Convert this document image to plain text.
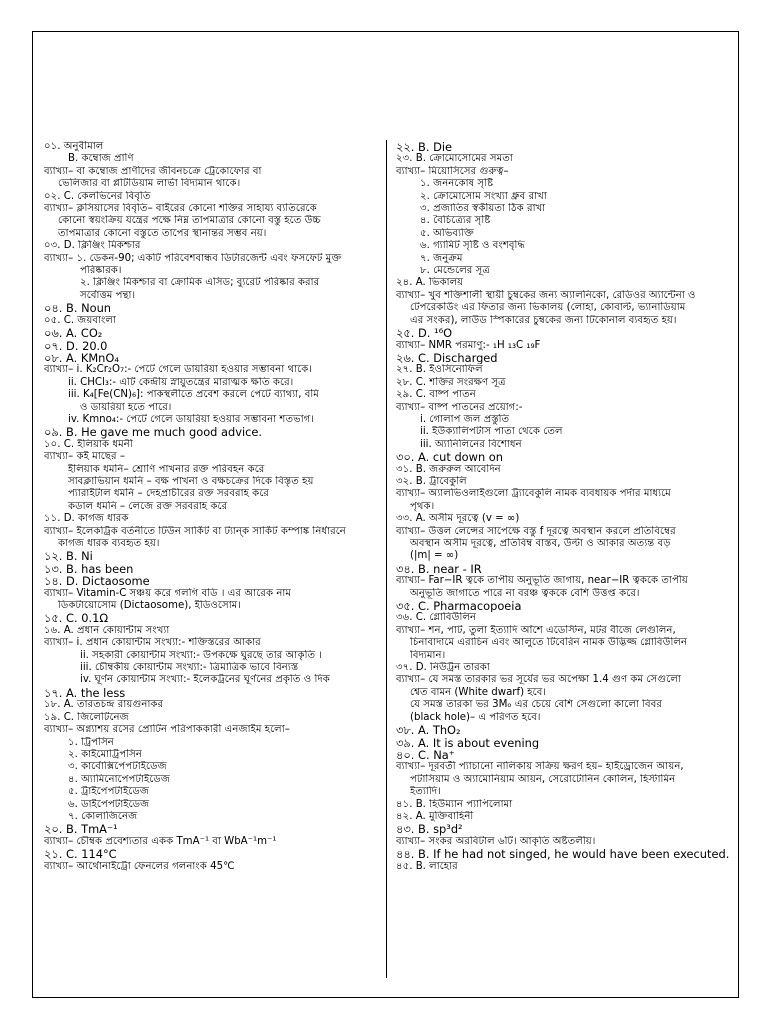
০১. অনুবীমাল
B. কম্বোজ প্রাণি
ব্যাখ্যা– বা কম্বোজ প্রাণীদের জীবনচক্রে ট্রেকোফোর বা
ভেলিজার বা প্লটিডিয়াম লার্ভা বিদ্যমান থাকে।
০২. C. কেলভিনের বিবৃতি
ব্যাখ্যা– ক্লসিয়াসের বিবৃতি– বাইরের কোনো শক্তির সাহায্য ব্যতিরেকে
কোনো স্বয়ংক্রিয় যন্ত্রের পক্ষে নিম্ন তাপমাত্রার কোনো বস্তু হতে উচ্চ
তাপমাত্রার কোনো বস্তুতে তাপের স্থানান্তর সম্ভব নয়।
০৩. D. ক্লিঞ্জিং মিকশ্চার
ব্যাখ্যা– ১. ডেকন-90; একটি পরিবেশবান্ধব ডিটারজেন্ট এবং ফসফেট মুক্ত
পরিষ্কারক।
২. ক্লিঞ্জিং মিকশ্চার বা ক্রোমিক এসিড; ব্যুরেট পরিষ্কার করার
সর্বোত্তম পন্থা।
০৪. B. Noun
০৫. C. জয়বাংলা
০৬. A. CO₂
০৭. D. 20.0
০৮. A. KMnO₄
ব্যাখ্যা– i. K₂Cr₂O₇:- পেটে গেলে ডায়রিয়া হওয়ার সম্ভাবনা থাকে।
ii. CHCl₃:- এটি কেন্দ্রীয় স্নায়ুতন্ত্রের মারাত্মক ক্ষতি করে।
iii. K₄[Fe(CN)₆]: পাকস্থলীতে প্রবেশ করলে পেটে ব্যাথ্যা, বমি
ও ডায়রিয়া হতে পারে।
iv. Kmno₄:- পেটে গেলে ডায়রিয়া হওয়ার সম্ভাবনা শতভাগ।
০৯. B. He gave me much good advice.
১০. C. ইলিয়াক ধমনী
ব্যাখ্যা– কই মাছের –
ইলিয়াক ধমনি– শ্রোণি পাখনার রক্ত পরিবহন করে
সাবক্লাভিয়ান ধমনি – বক্ষ পাখনা ও বক্ষচক্রের দিকে বিস্তৃত হয়
প্যারাইটাল ধমনি – দেহপ্রাচীরের রক্ত সরবরাহ করে
কডাল ধমনি – লেজে রক্ত সরবরাহ করে
১১. D. কাগজ ধারক
ব্যাখ্যা– ইলেকট্রিক বর্তনীতে টিউন সার্কিট বা ট্যান্ক সার্কিট কম্পাঙ্ক নির্ধারনে
কাগজ ধারক ব্যবহৃত হয়।
১২. B. Ni
১৩. B. has been
১৪. D. Dictaosome
ব্যাখ্যা– Vitamin-C সঞ্চয় করে গলগি বডি । এর আরেক নাম
ডিকটায়োসোম (Dictaosome), ইডিওসোম।
১৫. C. 0.1Ω
১৬. A. প্রধান কোয়ান্টাম সংখ্যা
ব্যাখ্যা– i. প্রধান কোয়ান্টাম সংখ্যা:- শক্তিস্তরের আকার
ii. সহকারী কোয়ান্টাম সংখ্যা:- উপকক্ষে ঘুরছে তার আকৃতি ।
iii. চৌম্বকীয় কোয়ান্টাম সংখ্যা:- ত্রিমাত্রিক ভাবে বিন্যস্ত
iv. ঘূর্ণন কোয়ান্টাম সংখ্যা:- ইলেকট্রনের ঘূর্ণনের প্রকৃতি ও দিক
১৭. A. the less
১৮. A. তারতচন্দ্র রায়গুনাকর
১৯. C. জিলেটিনেজ
ব্যাখ্যা– অগ্ন্যাশয় রসের প্রোটিন পরিপাককারী এনজাইম হলো–
১. ট্রিপসিন
২. কাইমোট্রিপসিন
৩. কার্বোক্সিপেপটাইডেজ
৪. অ্যামিনোপেপটাইডেজ
৫. ট্রাইপেপটাইডেজ
৬. ডাইপেপটাইডেজ
৭. কোলাজিনেজ
২০. B. TmA⁻¹
ব্যাখ্যা– চৌম্বক প্রবেশ্যতার একক TmA⁻¹ বা WbA⁻¹m⁻¹
২১. C. 114°C
ব্যাখ্যা– আর্থোনাইট্রো ফেনলের গলনাংক 45℃
২২. B. Die
২৩. B. ক্রোমোসোমের সমতা
ব্যাখ্যা– মিয়োসিসের গুরুত্ব–
১. জননকোষ সৃষ্টি
২. ক্রোমোসোম সংখ্যা ধ্রুব রাখা
৩. প্রজাতির স্বকীয়তা ঠিক রাখা
৪. বৈচিত্র্যের সৃষ্টি
৫. অভিব্যক্তি
৬. গ্যামিট সৃষ্টি ও বংশবৃদ্ধি
৭. জনুক্রম
৮. মেন্ডেলের সূত্র
২৪. A. ভিকালয়
ব্যাখ্যা– খুব শক্তিশালী স্থায়ী চুম্বকের জন্য অ্যালনিকো, রেডিওর অ্যান্টেনা ও
টেপরেকর্ডিং এর ফিতার জন্য ভিকালয় (লোহা, কোবাল্ট, ভ্যানাডিয়াম
এর সংকর), লাউড স্পিকারের চুম্বকের জন্য টিকোনাল ব্যবহৃত হয়।
২৫. D. ¹⁶O
ব্যাখ্যা– NMR পরমাণু:- ₁H ₁₃C ₁₉F
২৬. C. Discharged
২৭. B. ইওসিনোফিল
২৮. C. শক্তির সংরক্ষণ সূত্র
২৯. C. বাষ্প পাতন
ব্যাখ্যা– বাষ্প পাতনের প্রয়োগ:-
i. গোলাপ জল প্রস্তুতি
ii. ইউক্যালিপটাস পাতা থেকে তেল
iii. অ্যানিলিনের বিশোধন
৩০. A. cut down on
৩১. B. জরুরুল আবেদিন
৩২. B. ট্রাবেকুলি
ব্যাখ্যা– অ্যালভিওলাইগুলো ট্র্যাবেকুলি নামক ব্যবধায়ক পর্দার মাধ্যমে
পৃথক।
৩৩. A. অসীম দূরত্বে (v = ∞)
ব্যাখ্যা– উত্তল লেন্সের সাপেক্ষে বস্তু f দূরত্বে অবস্থান করলে প্রতিবিম্বের
অবস্থান অসীম দূরত্বে, প্রতিবিম্ব বাস্তব, উল্টা ও আকার অত্যন্ত বড়
(|m| = ∞)
৩৪. B. near - IR
ব্যাখ্যা– Far−IR ত্বকে তাপীয় অনুভূতি জাগায়, near−IR ত্বককে তাপীয়
অনুভূতি জাগাতে পারে না বরঞ্চ ত্বককে বেশি উত্তপ্ত করে।
৩৫. C. Pharmacopoeia
৩৬. C. গ্লোবিউলিন
ব্যাখ্যা– শন, পাট, তুলা ইত্যাদি আঁশে এডেস্টিন, মটর বীজে লেগুলিন,
চিনাবাদামে এরাচিন এবং আলুতে টিবেরিন নামক উদ্ভিজ্জ গ্লোবিউলিন
বিদ্যমান।
৩৭. D. নিউট্রন তারকা
ব্যাখ্যা– যে সমস্ত তারকার ভর সূর্যের ভর অপেক্ষা 1.4 গুণ কম সেগুলো
শ্বেত বামন (White dwarf) হবে।
যে সমস্ত তারকা ভর 3Mₒ এর চেয়ে বেশি সেগুলো কালো বিবর
(black hole)– এ পরিণত হবে।
৩৮. A. ThO₂
৩৯. A. It is about evening
৪০. C. Na⁺
ব্যাখ্যা– দূরবর্তী প্যাচানো নালিকায় সক্রিয় ক্ষরণ হয়– হাইড্রোজেন আয়ন,
পটাসিয়াম ও অ্যামোনিয়াম আয়ন, সেরোটোনিন কোলিন, হিস্টামিন
ইত্যাদি।
৪১. B. হিউম্যান প্যাপিলোমা
৪২. A. মুক্তিবাহিনী
৪৩. B. sp³d²
ব্যাখ্যা– সংকর অরবিটাল ৬টি। আকৃতি অষ্টতলীয়।
৪৪. B. If he had not singed, he would have been executed.
৪৫. B. লাহোর
